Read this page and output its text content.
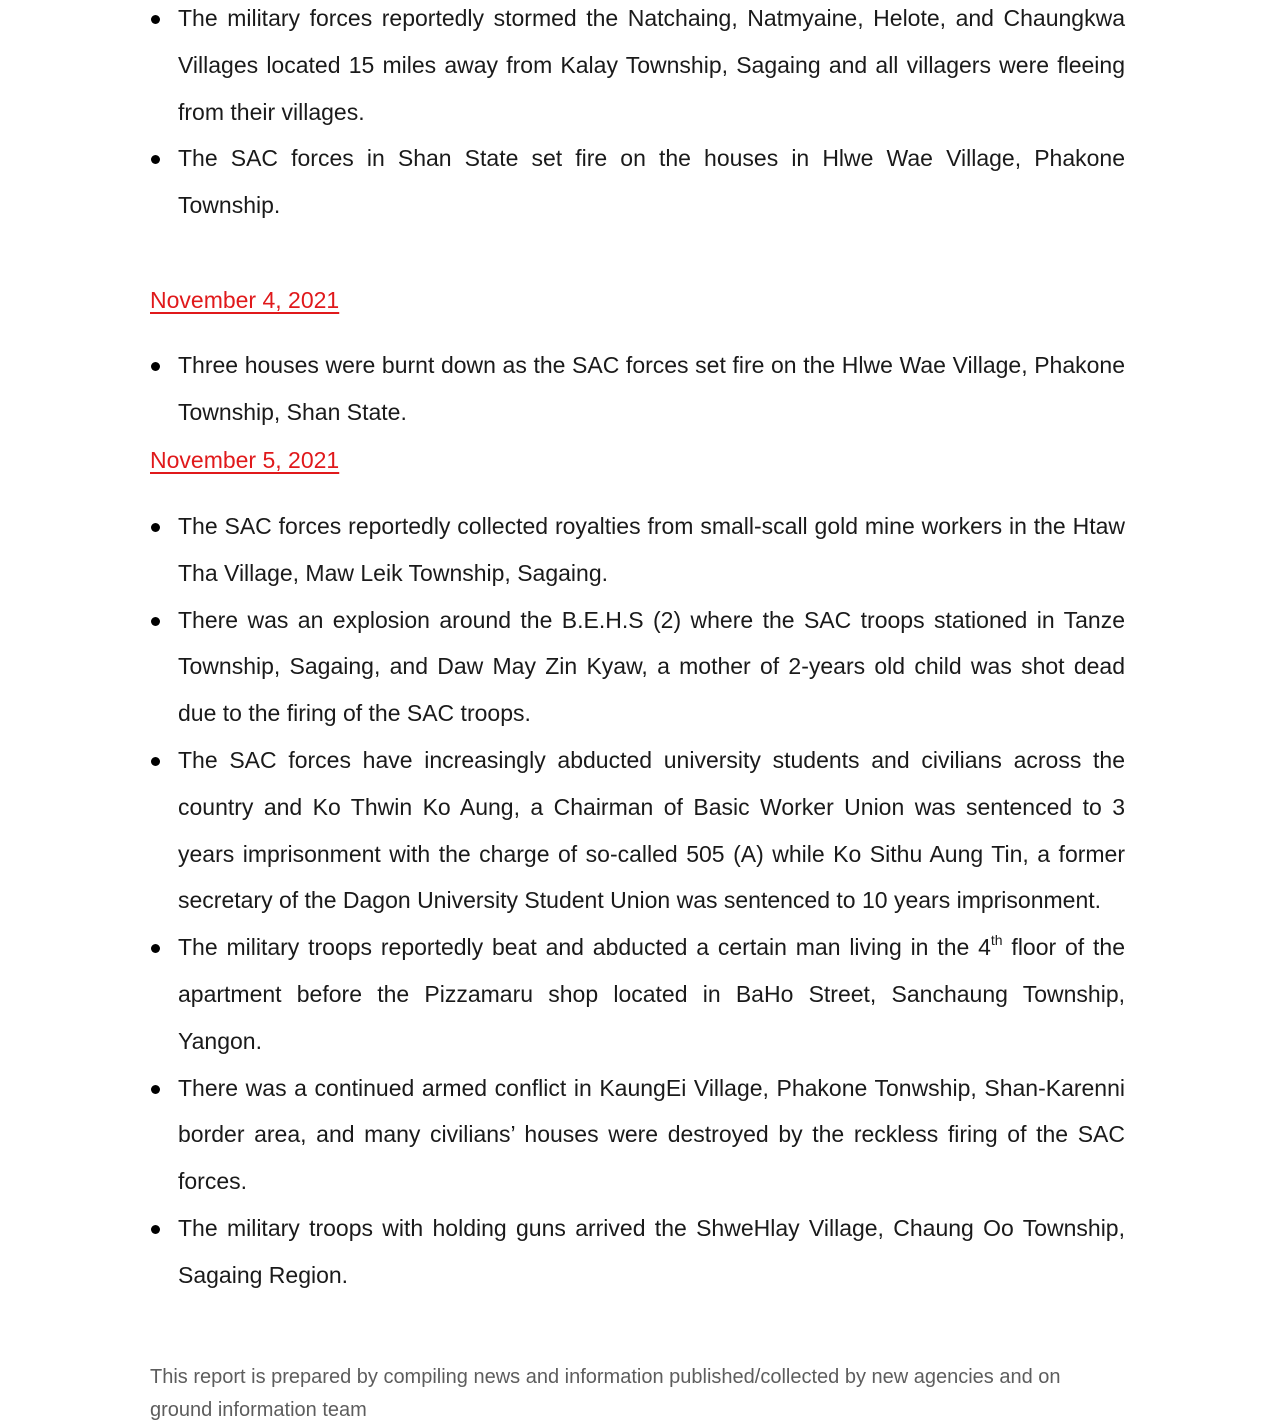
The military forces reportedly stormed the Natchaing, Natmyaine, Helote, and Chaungkwa Villages located 15 miles away from Kalay Township, Sagaing and all villagers were fleeing from their villages.
The SAC forces in Shan State set fire on the houses in Hlwe Wae Village, Phakone Township.

November 4, 2021

Three houses were burnt down as the SAC forces set fire on the Hlwe Wae Village, Phakone Township, Shan State.

November 5, 2021

The SAC forces reportedly collected royalties from small-scall gold mine workers in the Htaw Tha Village, Maw Leik Township, Sagaing.
There was an explosion around the B.E.H.S (2) where the SAC troops stationed in Tanze Township, Sagaing, and Daw May Zin Kyaw, a mother of 2-years old child was shot dead due to the firing of the SAC troops.
The SAC forces have increasingly abducted university students and civilians across the country and Ko Thwin Ko Aung, a Chairman of Basic Worker Union was sentenced to 3 years imprisonment with the charge of so-called 505 (A) while Ko Sithu Aung Tin, a former secretary of the Dagon University Student Union was sentenced to 10 years imprisonment.
The military troops reportedly beat and abducted a certain man living in the 4th floor of the apartment before the Pizzamaru shop located in BaHo Street, Sanchaung Township, Yangon.
There was a continued armed conflict in KaungEi Village, Phakone Tonwship, Shan-Karenni border area, and many civilians’ houses were destroyed by the reckless firing of the SAC forces.
The military troops with holding guns arrived the ShweHlay Village, Chaung Oo Township, Sagaing Region.

This report is prepared by compiling news and information published/collected by new agencies and on ground information team
